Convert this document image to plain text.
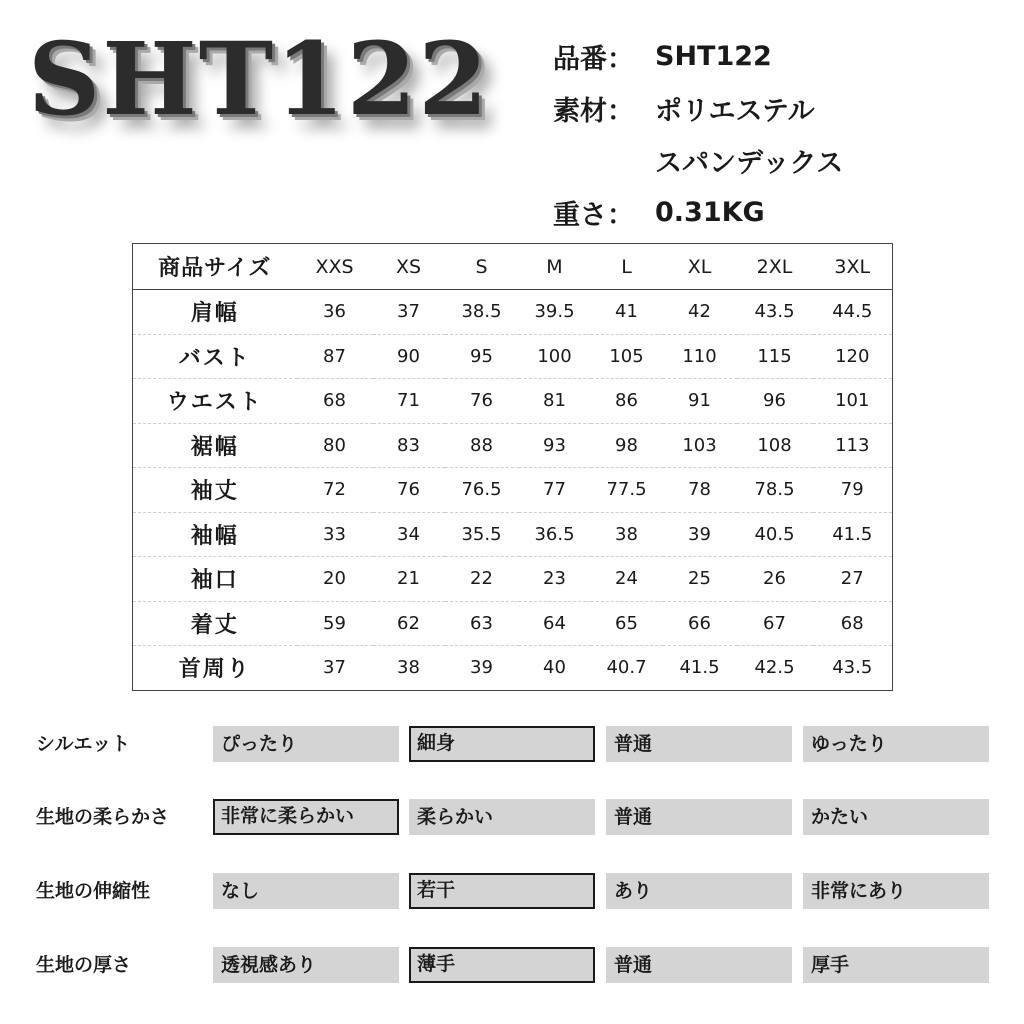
SHT122 品番： SHT122
素材： ポリエステル
スパンデックス
重さ： 0.31KG
商品サイズ	XXS	XS	S	M	L	XL	2XL	3XL
肩幅	36	37	38.5	39.5	41	42	43.5	44.5
バスト	87	90	95	100	105	110	115	120
ウエスト	68	71	76	81	86	91	96	101
裾幅	80	83	88	93	98	103	108	113
袖丈	72	76	76.5	77	77.5	78	78.5	79
袖幅	33	34	35.5	36.5	38	39	40.5	41.5
袖口	20	21	22	23	24	25	26	27
着丈	59	62	63	64	65	66	67	68
首周り	37	38	39	40	40.7	41.5	42.5	43.5
シルエット	ぴったり	細身	普通	ゆったり
生地の柔らかさ	非常に柔らかい	柔らかい	普通	かたい
生地の伸縮性	なし	若干	あり	非常にあり
生地の厚さ	透視感あり	薄手	普通	厚手
